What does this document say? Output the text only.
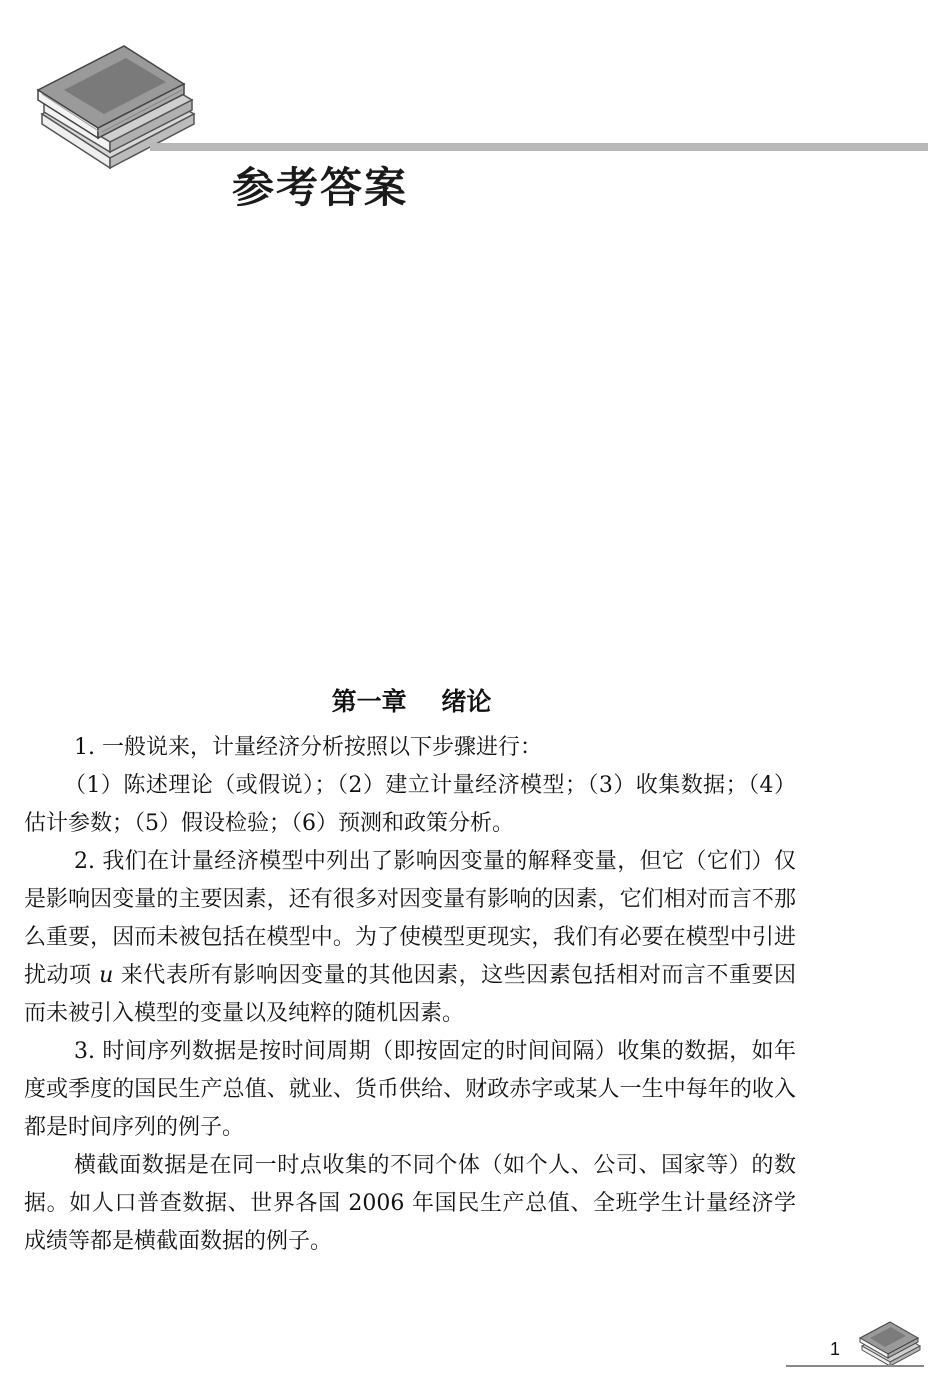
参考答案
第一章    绪论

1. 一般说来，计量经济分析按照以下步骤进行：

（1）陈述理论（或假说）；（2）建立计量经济模型；（3）收集数据；（4）估计参数；（5）假设检验；（6）预测和政策分析。

2. 我们在计量经济模型中列出了影响因变量的解释变量，但它（它们）仅是影响因变量的主要因素，还有很多对因变量有影响的因素，它们相对而言不那么重要，因而未被包括在模型中。为了使模型更现实，我们有必要在模型中引进扰动项 u 来代表所有影响因变量的其他因素，这些因素包括相对而言不重要因而未被引入模型的变量以及纯粹的随机因素。

3. 时间序列数据是按时间周期（即按固定的时间间隔）收集的数据，如年度或季度的国民生产总值、就业、货币供给、财政赤字或某人一生中每年的收入都是时间序列的例子。

横截面数据是在同一时点收集的不同个体（如个人、公司、国家等）的数据。如人口普查数据、世界各国 2006 年国民生产总值、全班学生计量经济学成绩等都是横截面数据的例子。

1
